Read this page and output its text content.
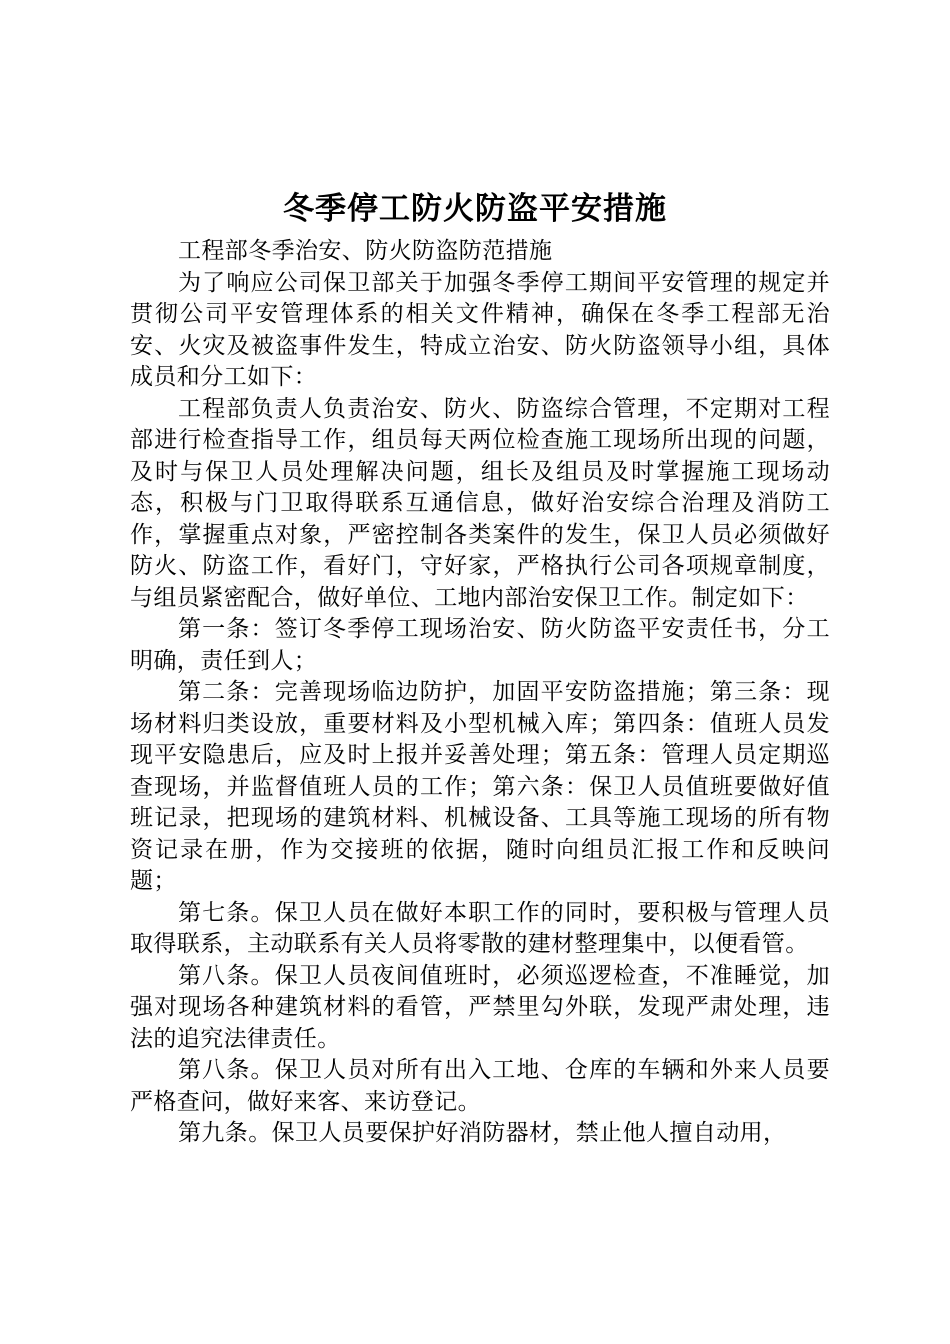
冬季停工防火防盗平安措施

工程部冬季治安、防火防盗防范措施

为了响应公司保卫部关于加强冬季停工期间平安管理的规定并贯彻公司平安管理体系的相关文件精神，确保在冬季工程部无治安、火灾及被盗事件发生，特成立治安、防火防盗领导小组，具体成员和分工如下：

工程部负责人负责治安、防火、防盗综合管理，不定期对工程部进行检查指导工作，组员每天两位检查施工现场所出现的问题，及时与保卫人员处理解决问题，组长及组员及时掌握施工现场动态，积极与门卫取得联系互通信息，做好治安综合治理及消防工作，掌握重点对象，严密控制各类案件的发生，保卫人员必须做好防火、防盗工作，看好门，守好家，严格执行公司各项规章制度，与组员紧密配合，做好单位、工地内部治安保卫工作。制定如下：

第一条：签订冬季停工现场治安、防火防盗平安责任书，分工明确，责任到人；

第二条：完善现场临边防护，加固平安防盗措施；第三条：现场材料归类设放，重要材料及小型机械入库；第四条：值班人员发现平安隐患后，应及时上报并妥善处理；第五条：管理人员定期巡查现场，并监督值班人员的工作；第六条：保卫人员值班要做好值班记录，把现场的建筑材料、机械设备、工具等施工现场的所有物资记录在册，作为交接班的依据，随时向组员汇报工作和反映问题；

第七条。保卫人员在做好本职工作的同时，要积极与管理人员取得联系，主动联系有关人员将零散的建材整理集中，以便看管。

第八条。保卫人员夜间值班时，必须巡逻检查，不准睡觉，加强对现场各种建筑材料的看管，严禁里勾外联，发现严肃处理，违法的追究法律责任。

第八条。保卫人员对所有出入工地、仓库的车辆和外来人员要严格查问，做好来客、来访登记。

第九条。保卫人员要保护好消防器材，禁止他人擅自动用，
